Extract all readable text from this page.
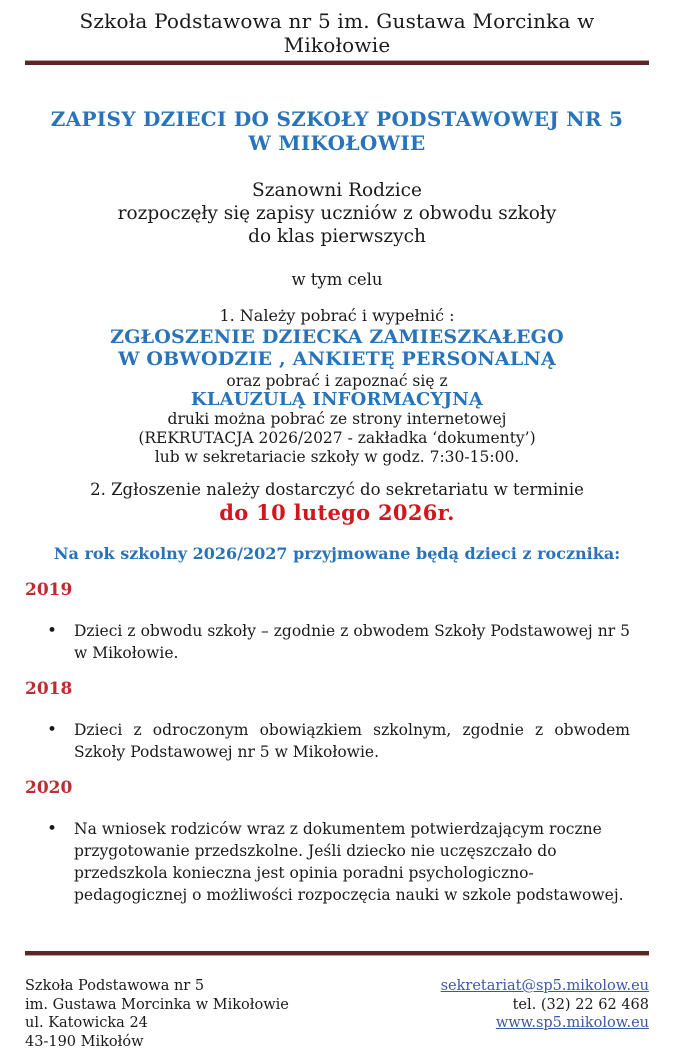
Szkoła Podstawowa nr 5 im. Gustawa Morcinka w Mikołowie
ZAPISY DZIECI DO SZKOŁY PODSTAWOWEJ NR 5
W MIKOŁOWIE
Szanowni Rodzice
rozpoczęły się zapisy uczniów z obwodu szkoły
do klas pierwszych
w tym celu
1. Należy pobrać i wypełnić :
ZGŁOSZENIE DZIECKA ZAMIESZKAŁEGO
W OBWODZIE , ANKIETĘ PERSONALNĄ
oraz pobrać i zapoznać się z
KLAUZULĄ INFORMACYJNĄ
druki można pobrać ze strony internetowej
(REKRUTACJA 2026/2027 - zakładka ‘dokumenty’)
lub w sekretariacie szkoły w godz. 7:30-15:00.
2. Zgłoszenie należy dostarczyć do sekretariatu w terminie
do 10 lutego 2026r.
Na rok szkolny 2026/2027 przyjmowane będą dzieci z rocznika:
2019
•
Dzieci z obwodu szkoły – zgodnie z obwodem Szkoły Podstawowej nr 5 w Mikołowie.
2018
•
Dzieci z odroczonym obowiązkiem szkolnym, zgodnie z obwodem Szkoły Podstawowej nr 5 w Mikołowie.
2020
•
Na wniosek rodziców wraz z dokumentem potwierdzającym roczne przygotowanie przedszkolne. Jeśli dziecko nie uczęszczało do przedszkola konieczna jest opinia poradni psychologiczno-pedagogicznej o możliwości rozpoczęcia nauki w szkole podstawowej.
Szkoła Podstawowa nr 5
im. Gustawa Morcinka w Mikołowie
ul. Katowicka 24
43-190 Mikołów
sekretariat@sp5.mikolow.eu
tel. (32) 22 62 468
www.sp5.mikolow.eu
